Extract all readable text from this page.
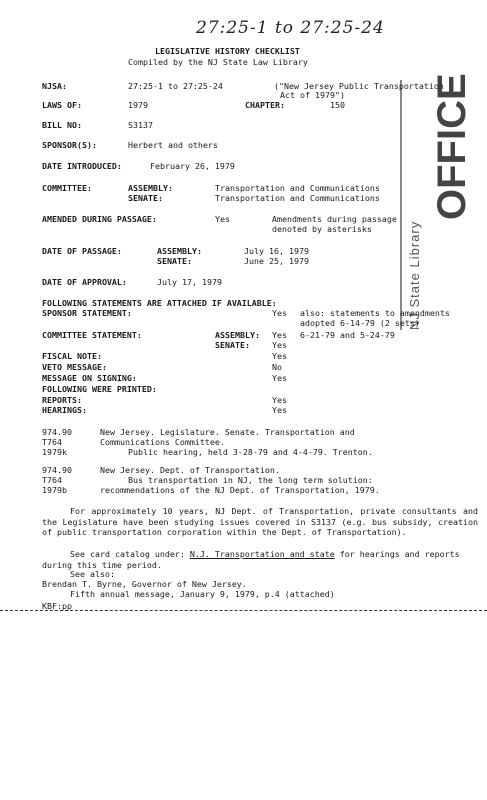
27:25-1 to 27:25-24
OFFICE
NJ State Library
LEGISLATIVE HISTORY CHECKLIST
Compiled by the NJ State Law Library
NJSA:	27:25-1 to 27:25-24	("New Jersey Public Transportation
Act of 1979")
LAWS OF:	1979	CHAPTER:	150
BILL NO:	S3137
SPONSOR(S):	Herbert and others
DATE INTRODUCED:	February 26, 1979
COMMITTEE:	ASSEMBLY:	Transportation and Communications
SENATE:	Transportation and Communications
AMENDED DURING PASSAGE:	Yes	Amendments during passage
denoted by asterisks
DATE OF PASSAGE:	ASSEMBLY:	July 16, 1979
SENATE:	June 25, 1979
DATE OF APPROVAL:	July 17, 1979
FOLLOWING STATEMENTS ARE ATTACHED IF AVAILABLE:
SPONSOR STATEMENT:	Yes also: statements to amendments
adopted 6-14-79 (2 sets)
COMMITTEE STATEMENT:	ASSEMBLY: Yes 6-21-79 and 5-24-79
SENATE:	Yes
FISCAL NOTE:	Yes
VETO MESSAGE:	No
MESSAGE ON SIGNING:	Yes
FOLLOWING WERE PRINTED:
REPORTS:	Yes
HEARINGS:	Yes
974.90
T764
1979k
New Jersey. Legislature. Senate. Transportation and
Communications Committee.
Public hearing, held 3-28-79 and 4-4-79. Trenton.
974.90
T764
1979b
New Jersey. Dept. of Transportation.
Bus transportation in NJ, the long term solution:
recommendations of the NJ Dept. of Transportation, 1979.
For approximately 10 years, NJ Dept. of Transportation, private consultants and the Legislature have been studying issues covered in S3137 (e.g. bus subsidy, creation of public transportation corporation within the Dept. of Transportation).
See card catalog under: N.J. Transportation and state for hearings and reports during this time period.
See also:
Brendan T. Byrne, Governor of New Jersey.
Fifth annual message, January 9, 1979, p.4 (attached)
KBF:pp
